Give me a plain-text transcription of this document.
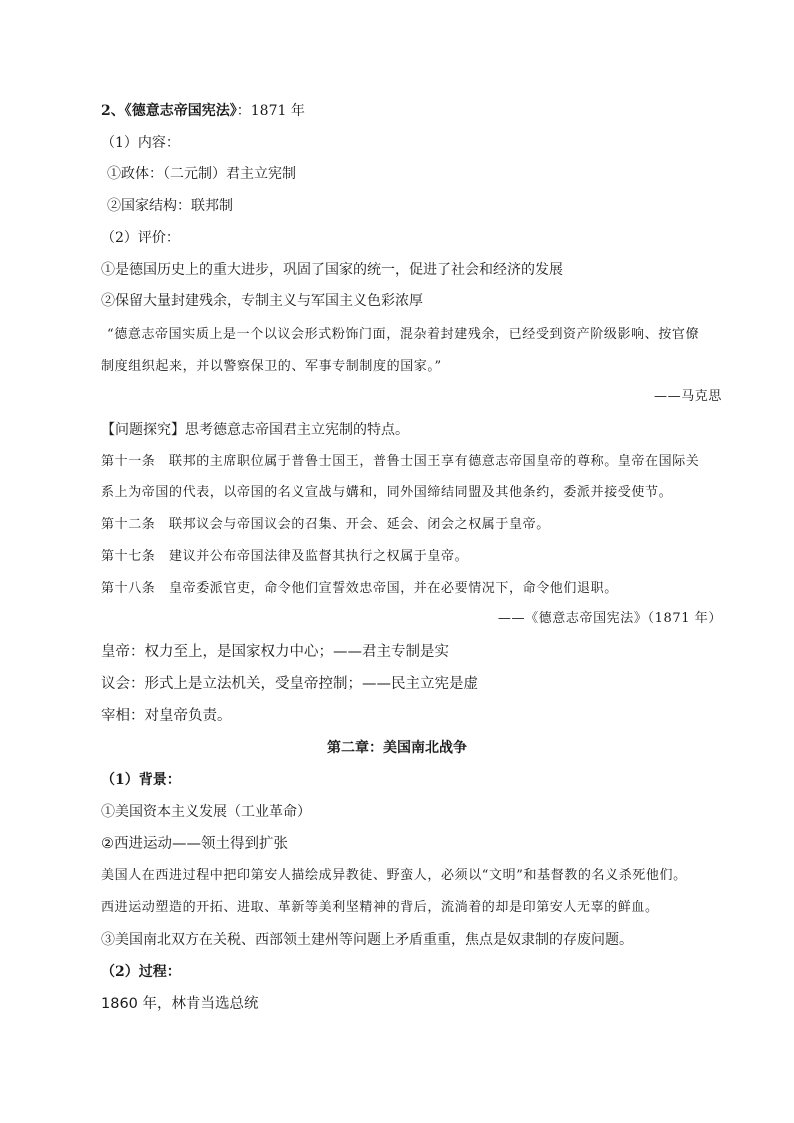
2、《德意志帝国宪法》：1871 年
（1）内容：
①政体：（二元制）君主立宪制
②国家结构：联邦制
（2）评价：
①是德国历史上的重大进步，巩固了国家的统一，促进了社会和经济的发展
②保留大量封建残余，专制主义与军国主义色彩浓厚
“德意志帝国实质上是一个以议会形式粉饰门面，混杂着封建残余，已经受到资产阶级影响、按官僚
制度组织起来，并以警察保卫的、军事专制制度的国家。”
——马克思
【问题探究】思考德意志帝国君主立宪制的特点。
第十一条　联邦的主席职位属于普鲁士国王，普鲁士国王享有德意志帝国皇帝的尊称。皇帝在国际关
系上为帝国的代表，以帝国的名义宣战与媾和，同外国缔结同盟及其他条约，委派并接受使节。
第十二条　联邦议会与帝国议会的召集、开会、延会、闭会之权属于皇帝。
第十七条　建议并公布帝国法律及监督其执行之权属于皇帝。
第十八条　皇帝委派官吏，命令他们宣誓效忠帝国，并在必要情况下，命令他们退职。
——《德意志帝国宪法》（1871 年）
皇帝：权力至上，是国家权力中心；——君主专制是实
议会：形式上是立法机关，受皇帝控制；——民主立宪是虚
宰相：对皇帝负责。
第二章：美国南北战争
（1）背景：
①美国资本主义发展（工业革命）
②西进运动——领土得到扩张
美国人在西进过程中把印第安人描绘成异教徒、野蛮人，必须以“文明”和基督教的名义杀死他们。
西进运动塑造的开拓、进取、革新等美利坚精神的背后，流淌着的却是印第安人无辜的鲜血。
③美国南北双方在关税、西部领土建州等问题上矛盾重重，焦点是奴隶制的存废问题。
（2）过程：
1860 年，林肯当选总统
